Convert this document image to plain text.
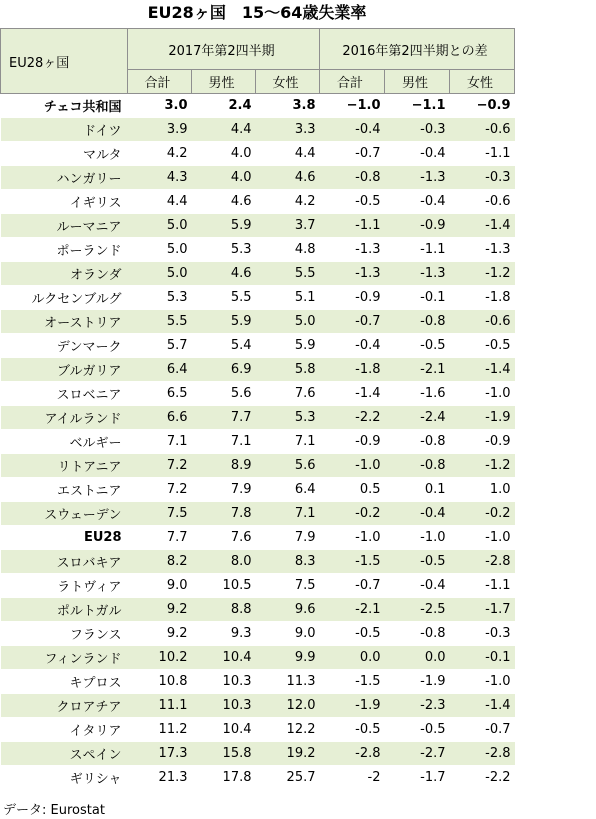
EU28ヶ国　15～64歳失業率
EU28ヶ国	2017年第2四半期			2016年第2四半期との差		
	合計	男性	女性	合計	男性	女性
チェコ共和国	3.0	2.4	3.8	−1.0	−1.1	−0.9
ドイツ	3.9	4.4	3.3	-0.4	-0.3	-0.6
マルタ	4.2	4.0	4.4	-0.7	-0.4	-1.1
ハンガリー	4.3	4.0	4.6	-0.8	-1.3	-0.3
イギリス	4.4	4.6	4.2	-0.5	-0.4	-0.6
ルーマニア	5.0	5.9	3.7	-1.1	-0.9	-1.4
ポーランド	5.0	5.3	4.8	-1.3	-1.1	-1.3
オランダ	5.0	4.6	5.5	-1.3	-1.3	-1.2
ルクセンブルグ	5.3	5.5	5.1	-0.9	-0.1	-1.8
オーストリア	5.5	5.9	5.0	-0.7	-0.8	-0.6
デンマーク	5.7	5.4	5.9	-0.4	-0.5	-0.5
ブルガリア	6.4	6.9	5.8	-1.8	-2.1	-1.4
スロベニア	6.5	5.6	7.6	-1.4	-1.6	-1.0
アイルランド	6.6	7.7	5.3	-2.2	-2.4	-1.9
ベルギー	7.1	7.1	7.1	-0.9	-0.8	-0.9
リトアニア	7.2	8.9	5.6	-1.0	-0.8	-1.2
エストニア	7.2	7.9	6.4	0.5	0.1	1.0
スウェーデン	7.5	7.8	7.1	-0.2	-0.4	-0.2
EU28	7.7	7.6	7.9	-1.0	-1.0	-1.0
スロバキア	8.2	8.0	8.3	-1.5	-0.5	-2.8
ラトヴィア	9.0	10.5	7.5	-0.7	-0.4	-1.1
ポルトガル	9.2	8.8	9.6	-2.1	-2.5	-1.7
フランス	9.2	9.3	9.0	-0.5	-0.8	-0.3
フィンランド	10.2	10.4	9.9	0.0	0.0	-0.1
キプロス	10.8	10.3	11.3	-1.5	-1.9	-1.0
クロアチア	11.1	10.3	12.0	-1.9	-2.3	-1.4
イタリア	11.2	10.4	12.2	-0.5	-0.5	-0.7
スペイン	17.3	15.8	19.2	-2.8	-2.7	-2.8
ギリシャ	21.3	17.8	25.7	-2	-1.7	-2.2
データ: Eurostat
